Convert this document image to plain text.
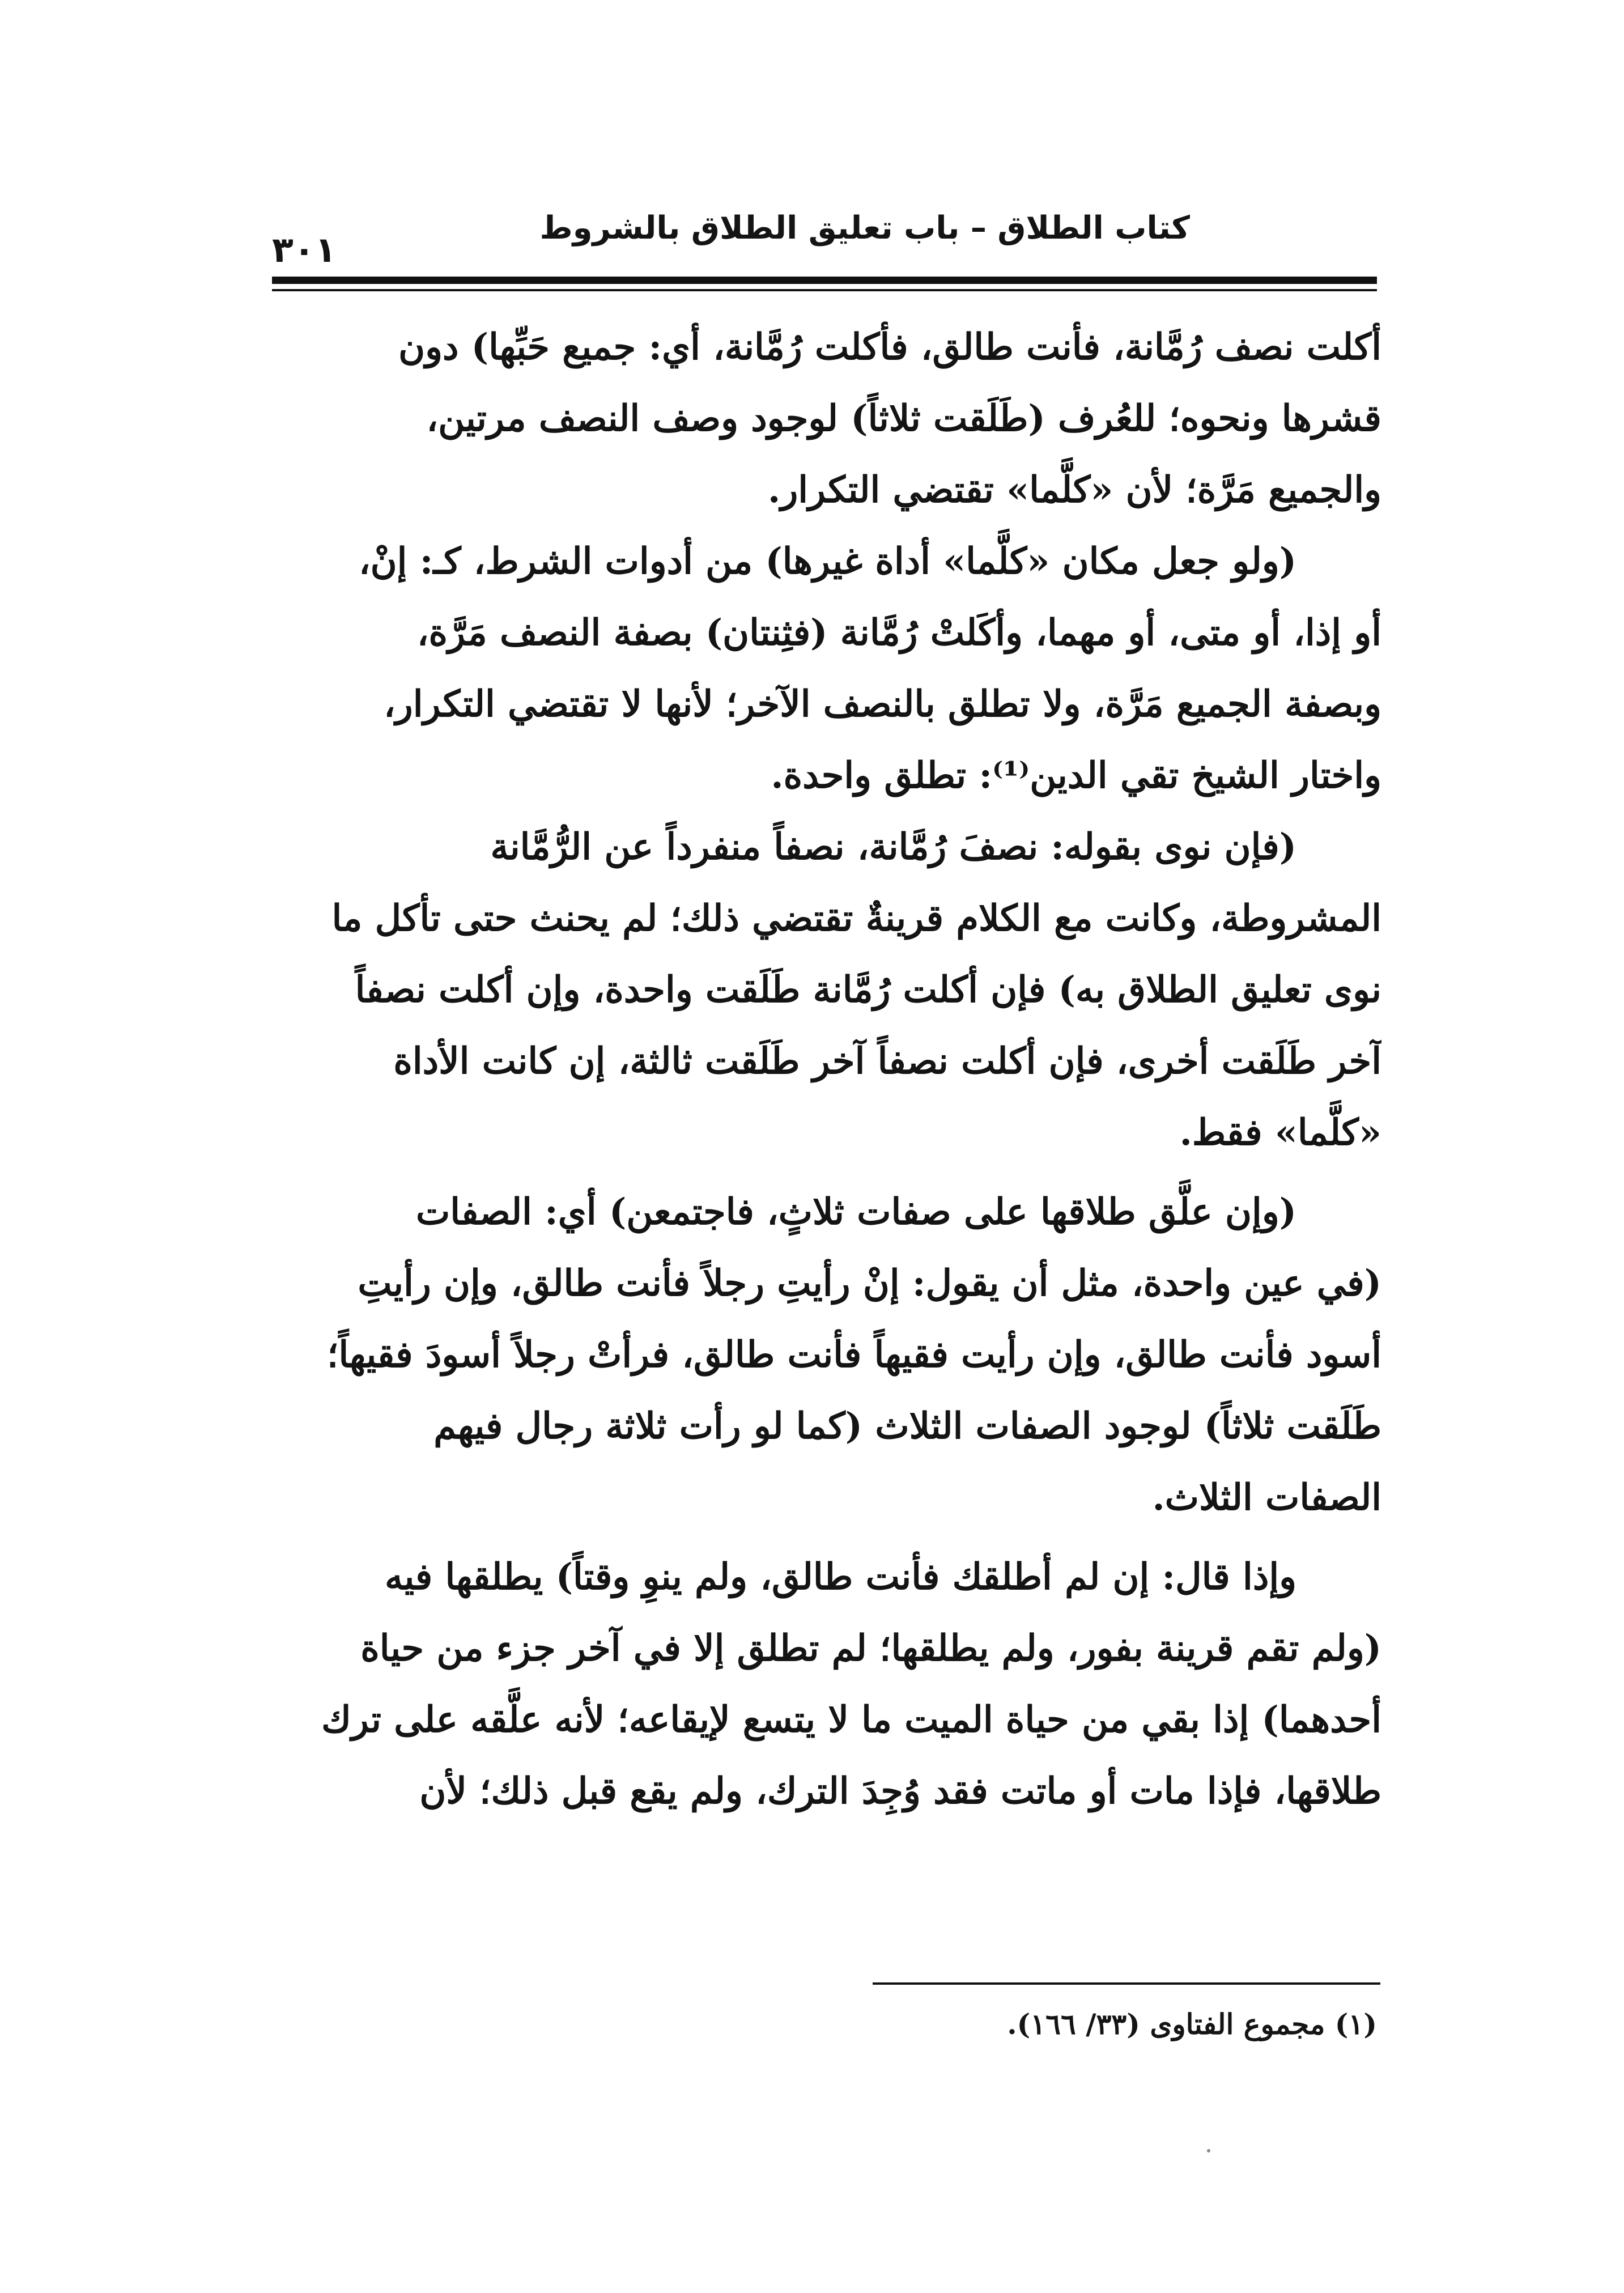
كتاب الطلاق – باب تعليق الطلاق بالشروط
٣٠١

أكلت نصف رُمَّانة، فأنت طالق، فأكلت رُمَّانة، أي: جميع حَبِّها) دون

قشرها ونحوه؛ للعُرف (طَلَقت ثلاثاً) لوجود وصف النصف مرتين،

والجميع مَرَّة؛ لأن «كلَّما» تقتضي التكرار.

(ولو جعل مكان «كلَّما» أداة غيرها) من أدوات الشرط، كـ: إنْ،

أو إذا، أو متى، أو مهما، وأكَلتْ رُمَّانة (فثِنتان) بصفة النصف مَرَّة،

وبصفة الجميع مَرَّة، ولا تطلق بالنصف الآخر؛ لأنها لا تقتضي التكرار،

واختار الشيخ تقي الدين⁽¹⁾: تطلق واحدة.

(فإن نوى بقوله: نصفَ رُمَّانة، نصفاً منفرداً عن الرُّمَّانة

المشروطة، وكانت مع الكلام قرينةٌ تقتضي ذلك؛ لم يحنث حتى تأكل ما

نوى تعليق الطلاق به) فإن أكلت رُمَّانة طَلَقت واحدة، وإن أكلت نصفاً

آخر طَلَقت أخرى، فإن أكلت نصفاً آخر طَلَقت ثالثة، إن كانت الأداة

«كلَّما» فقط.

(وإن علَّق طلاقها على صفات ثلاثٍ، فاجتمعن) أي: الصفات

(في عين واحدة، مثل أن يقول: إنْ رأيتِ رجلاً فأنت طالق، وإن رأيتِ

أسود فأنت طالق، وإن رأيت فقيهاً فأنت طالق، فرأتْ رجلاً أسودَ فقيهاً؛

طَلَقت ثلاثاً) لوجود الصفات الثلاث (كما لو رأت ثلاثة رجال فيهم

الصفات الثلاث.

وإذا قال: إن لم أطلقك فأنت طالق، ولم ينوِ وقتاً) يطلقها فيه

(ولم تقم قرينة بفور، ولم يطلقها؛ لم تطلق إلا في آخر جزء من حياة

أحدهما) إذا بقي من حياة الميت ما لا يتسع لإيقاعه؛ لأنه علَّقه على ترك

طلاقها، فإذا مات أو ماتت فقد وُجِدَ الترك، ولم يقع قبل ذلك؛ لأن

(١) مجموع الفتاوى (٣٣/ ١٦٦).
